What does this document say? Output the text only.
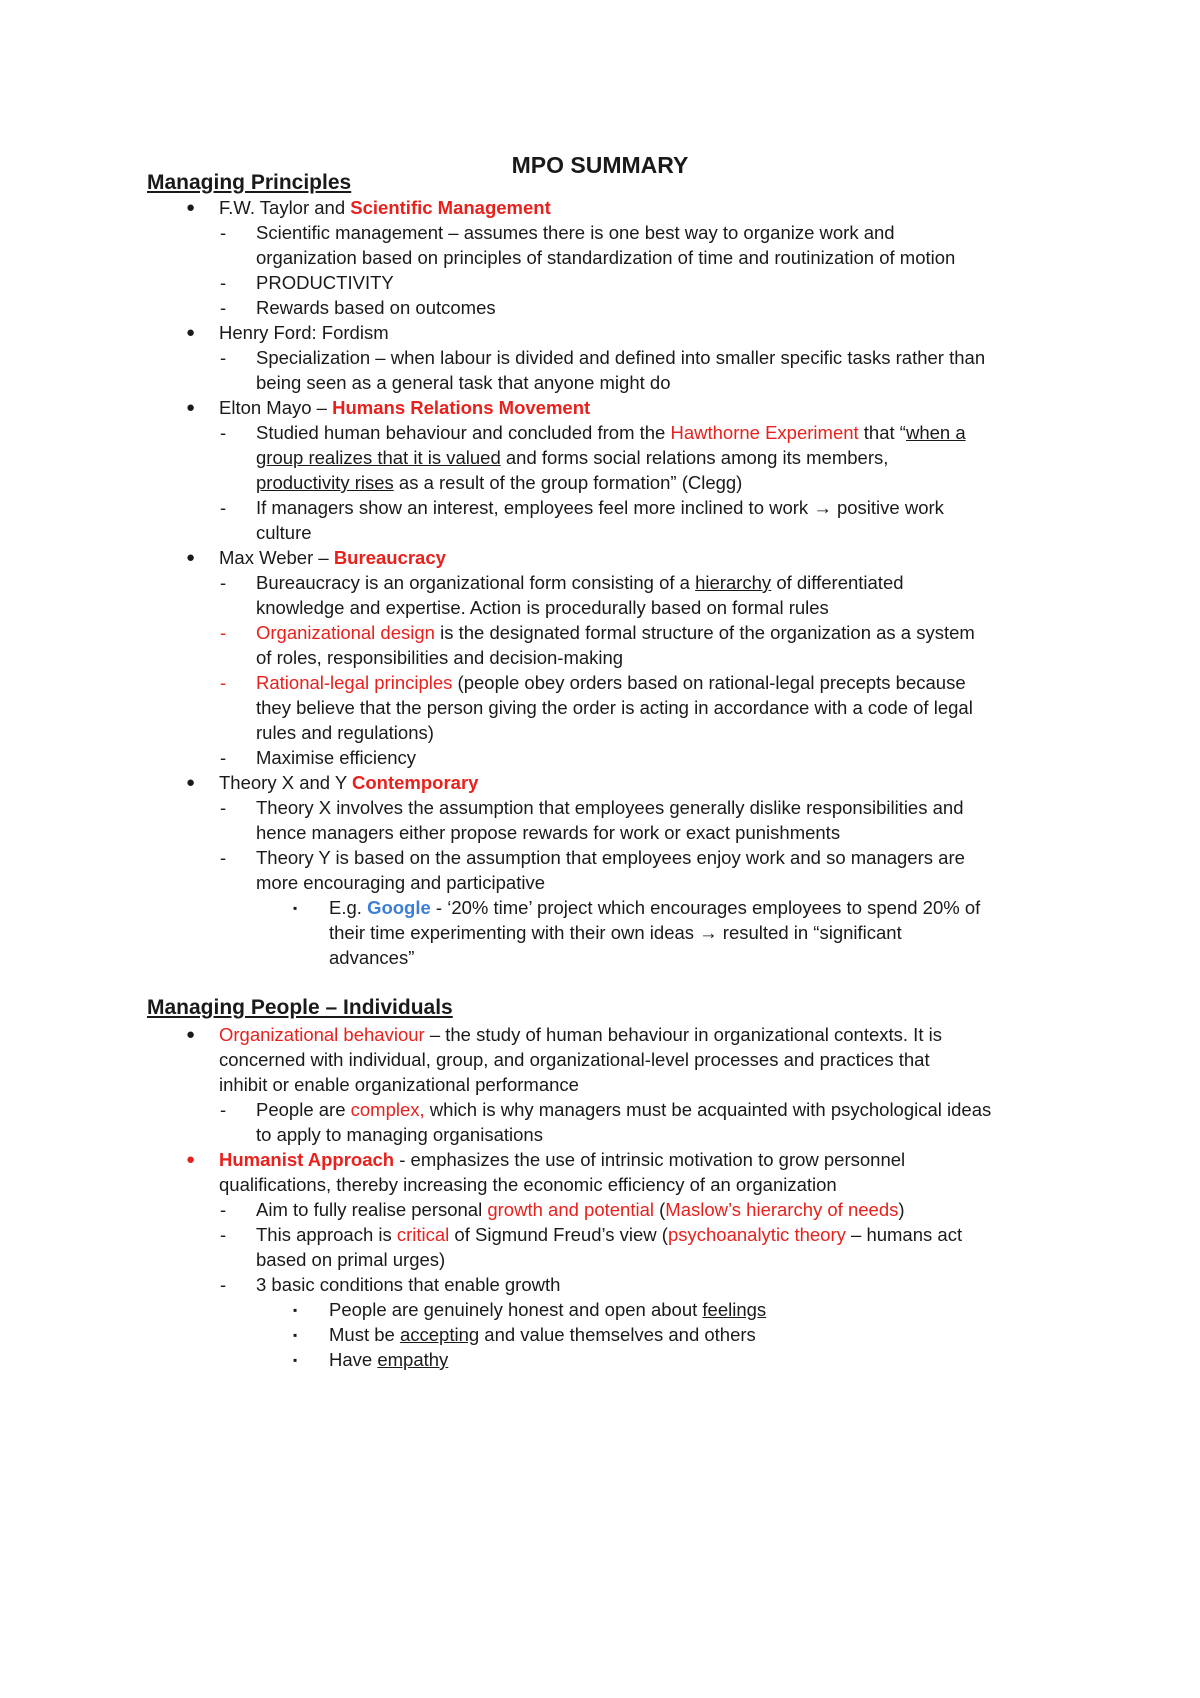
MPO SUMMARY
Managing Principles
● F.W. Taylor and Scientific Management
- Scientific management – assumes there is one best way to organize work and
organization based on principles of standardization of time and routinization of motion
- PRODUCTIVITY
- Rewards based on outcomes
● Henry Ford: Fordism
- Specialization – when labour is divided and defined into smaller specific tasks rather than
being seen as a general task that anyone might do
● Elton Mayo – Humans Relations Movement
- Studied human behaviour and concluded from the Hawthorne Experiment that “when a
group realizes that it is valued and forms social relations among its members,
productivity rises as a result of the group formation” (Clegg)
- If managers show an interest, employees feel more inclined to work → positive work
culture
● Max Weber – Bureaucracy
- Bureaucracy is an organizational form consisting of a hierarchy of differentiated
knowledge and expertise. Action is procedurally based on formal rules
- Organizational design is the designated formal structure of the organization as a system
of roles, responsibilities and decision-making
- Rational-legal principles (people obey orders based on rational-legal precepts because
they believe that the person giving the order is acting in accordance with a code of legal
rules and regulations)
- Maximise efficiency
● Theory X and Y Contemporary
- Theory X involves the assumption that employees generally dislike responsibilities and
hence managers either propose rewards for work or exact punishments
- Theory Y is based on the assumption that employees enjoy work and so managers are
more encouraging and participative
▪ E.g. Google - ‘20% time’ project which encourages employees to spend 20% of
their time experimenting with their own ideas → resulted in “significant
advances”
Managing People – Individuals
● Organizational behaviour – the study of human behaviour in organizational contexts. It is
concerned with individual, group, and organizational-level processes and practices that
inhibit or enable organizational performance
- People are complex, which is why managers must be acquainted with psychological ideas
to apply to managing organisations
● Humanist Approach - emphasizes the use of intrinsic motivation to grow personnel
qualifications, thereby increasing the economic efficiency of an organization
- Aim to fully realise personal growth and potential (Maslow’s hierarchy of needs)
- This approach is critical of Sigmund Freud’s view (psychoanalytic theory – humans act
based on primal urges)
- 3 basic conditions that enable growth
▪ People are genuinely honest and open about feelings
▪ Must be accepting and value themselves and others
▪ Have empathy
